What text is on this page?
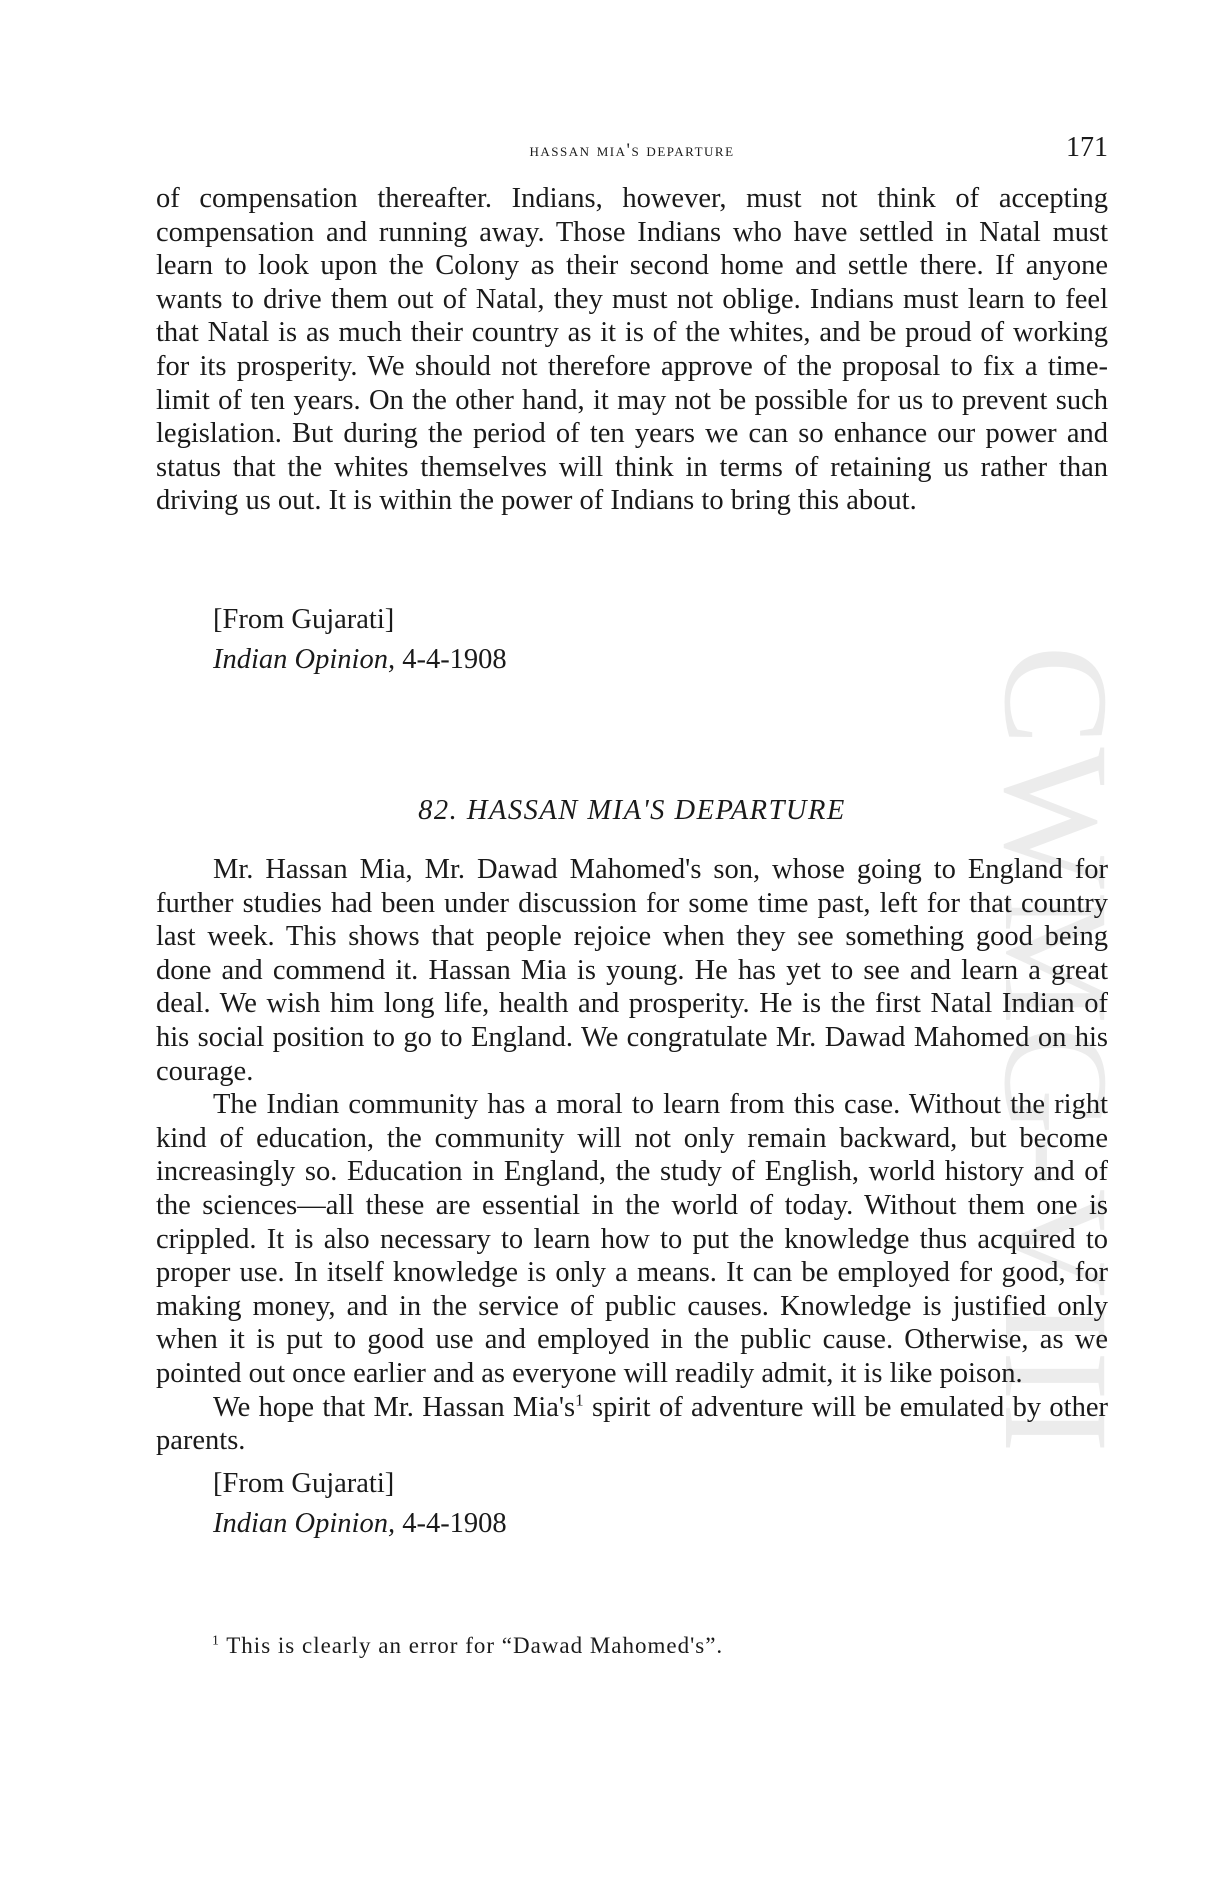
CWMG-VIII
hassan mia's departure	171

of compensation thereafter. Indians, however, must not think of accepting compensation and running away. Those Indians who have settled in Natal must learn to look upon the Colony as their second home and settle there. If anyone wants to drive them out of Natal, they must not oblige. Indians must learn to feel that Natal is as much their country as it is of the whites, and be proud of working for its prosperity. We should not therefore approve of the proposal to fix a time-limit of ten years. On the other hand, it may not be possible for us to prevent such legislation. But during the period of ten years we can so enhance our power and status that the whites themselves will think in terms of retaining us rather than driving us out. It is within the power of Indians to bring this about.

[From Gujarati]
Indian Opinion, 4-4-1908
82. HASSAN MIA'S DEPARTURE

Mr. Hassan Mia, Mr. Dawad Mahomed's son, whose going to England for further studies had been under discussion for some time past, left for that country last week. This shows that people rejoice when they see something good being done and commend it. Hassan Mia is young. He has yet to see and learn a great deal. We wish him long life, health and prosperity. He is the first Natal Indian of his social position to go to England. We congratulate Mr. Dawad Mahomed on his courage.

The Indian community has a moral to learn from this case. Without the right kind of education, the community will not only remain backward, but become increasingly so. Education in England, the study of English, world history and of the sciences—all these are essential in the world of today. Without them one is crippled. It is also necessary to learn how to put the knowledge thus acquired to proper use. In itself knowledge is only a means. It can be employed for good, for making money, and in the service of public causes. Knowledge is justified only when it is put to good use and employed in the public cause. Otherwise, as we pointed out once earlier and as everyone will readily admit, it is like poison.

We hope that Mr. Hassan $Mia's^1$ spirit of adventure will be emulated by other parents.

[From Gujarati]
Indian Opinion, 4-4-1908
$^1$ This is clearly an error for “Dawad Mahomed's”.
